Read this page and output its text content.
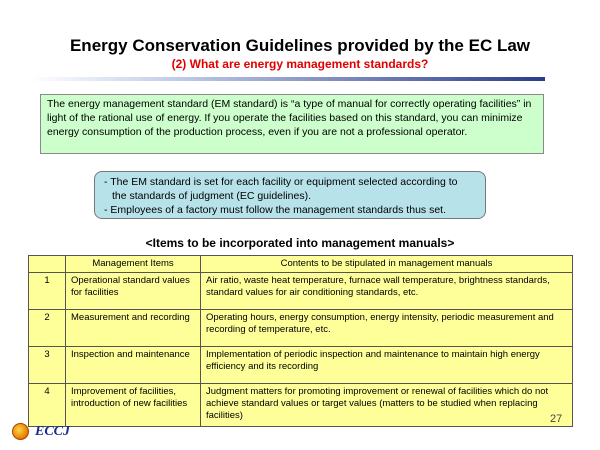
Energy Conservation Guidelines provided by the EC Law
(2) What are energy management standards?
The energy management standard (EM standard) is “a type of manual for correctly operating facilities” in light of the rational use of energy. If you operate the facilities based on this standard, you can minimize energy consumption of the production process, even if you are not a professional operator.
- The EM standard is set for each facility or equipment selected according to
the standards of judgment (EC guidelines).
- Employees of a factory must follow the management standards thus set.
<Items to be incorporated into management manuals>
	Management Items	Contents to be stipulated in management manuals
1	Operational standard values for facilities	Air ratio, waste heat temperature, furnace wall temperature, brightness standards, standard values for air conditioning standards, etc.
2	Measurement and recording	Operating hours, energy consumption, energy intensity, periodic measurement and recording of temperature, etc.
3	Inspection and maintenance	Implementation of periodic inspection and maintenance to maintain high energy efficiency and its recording
4	Improvement of facilities, introduction of new facilities	Judgment matters for promoting improvement or renewal of facilities which do not achieve standard values or target values (matters to be studied when replacing facilities)
ECCJ
27
